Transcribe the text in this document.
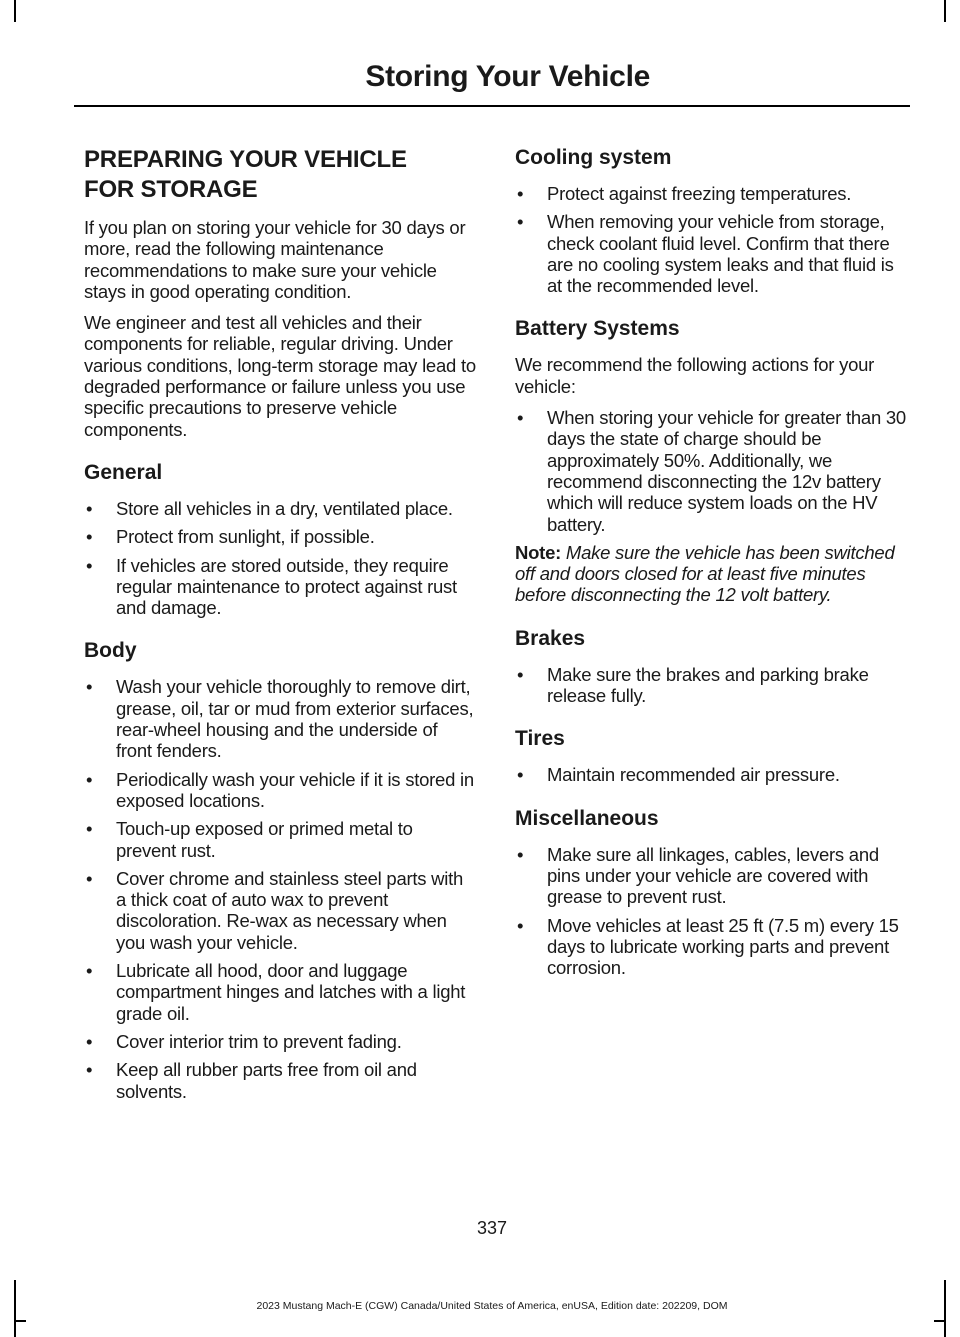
Storing Your Vehicle
PREPARING YOUR VEHICLE
FOR STORAGE

If you plan on storing your vehicle for 30 days or more, read the following maintenance recommendations to make sure your vehicle stays in good operating condition.

We engineer and test all vehicles and their components for reliable, regular driving. Under various conditions, long-term storage may lead to degraded performance or failure unless you use specific precautions to preserve vehicle components.

General
• Store all vehicles in a dry, ventilated place.
• Protect from sunlight, if possible.
• If vehicles are stored outside, they require regular maintenance to protect against rust and damage.
Body
• Wash your vehicle thoroughly to remove dirt, grease, oil, tar or mud from exterior surfaces, rear-wheel housing and the underside of front fenders.
• Periodically wash your vehicle if it is stored in exposed locations.
• Touch-up exposed or primed metal to prevent rust.
• Cover chrome and stainless steel parts with a thick coat of auto wax to prevent discoloration. Re-wax as necessary when you wash your vehicle.
• Lubricate all hood, door and luggage compartment hinges and latches with a light grade oil.
• Cover interior trim to prevent fading.
• Keep all rubber parts free from oil and solvents.
Cooling system
• Protect against freezing temperatures.
• When removing your vehicle from storage, check coolant fluid level. Confirm that there are no cooling system leaks and that fluid is at the recommended level.
Battery Systems

We recommend the following actions for your vehicle:

• When storing your vehicle for greater than 30 days the state of charge should be approximately 50%. Additionally, we recommend disconnecting the 12v battery which will reduce system loads on the HV battery.

Note: Make sure the vehicle has been switched off and doors closed for at least five minutes before disconnecting the 12 volt battery.

Brakes
• Make sure the brakes and parking brake release fully.
Tires
• Maintain recommended air pressure.
Miscellaneous
• Make sure all linkages, cables, levers and pins under your vehicle are covered with grease to prevent rust.
• Move vehicles at least 25 ft (7.5 m) every 15 days to lubricate working parts and prevent corrosion.
337
2023 Mustang Mach-E (CGW) Canada/United States of America, enUSA, Edition date: 202209, DOM
